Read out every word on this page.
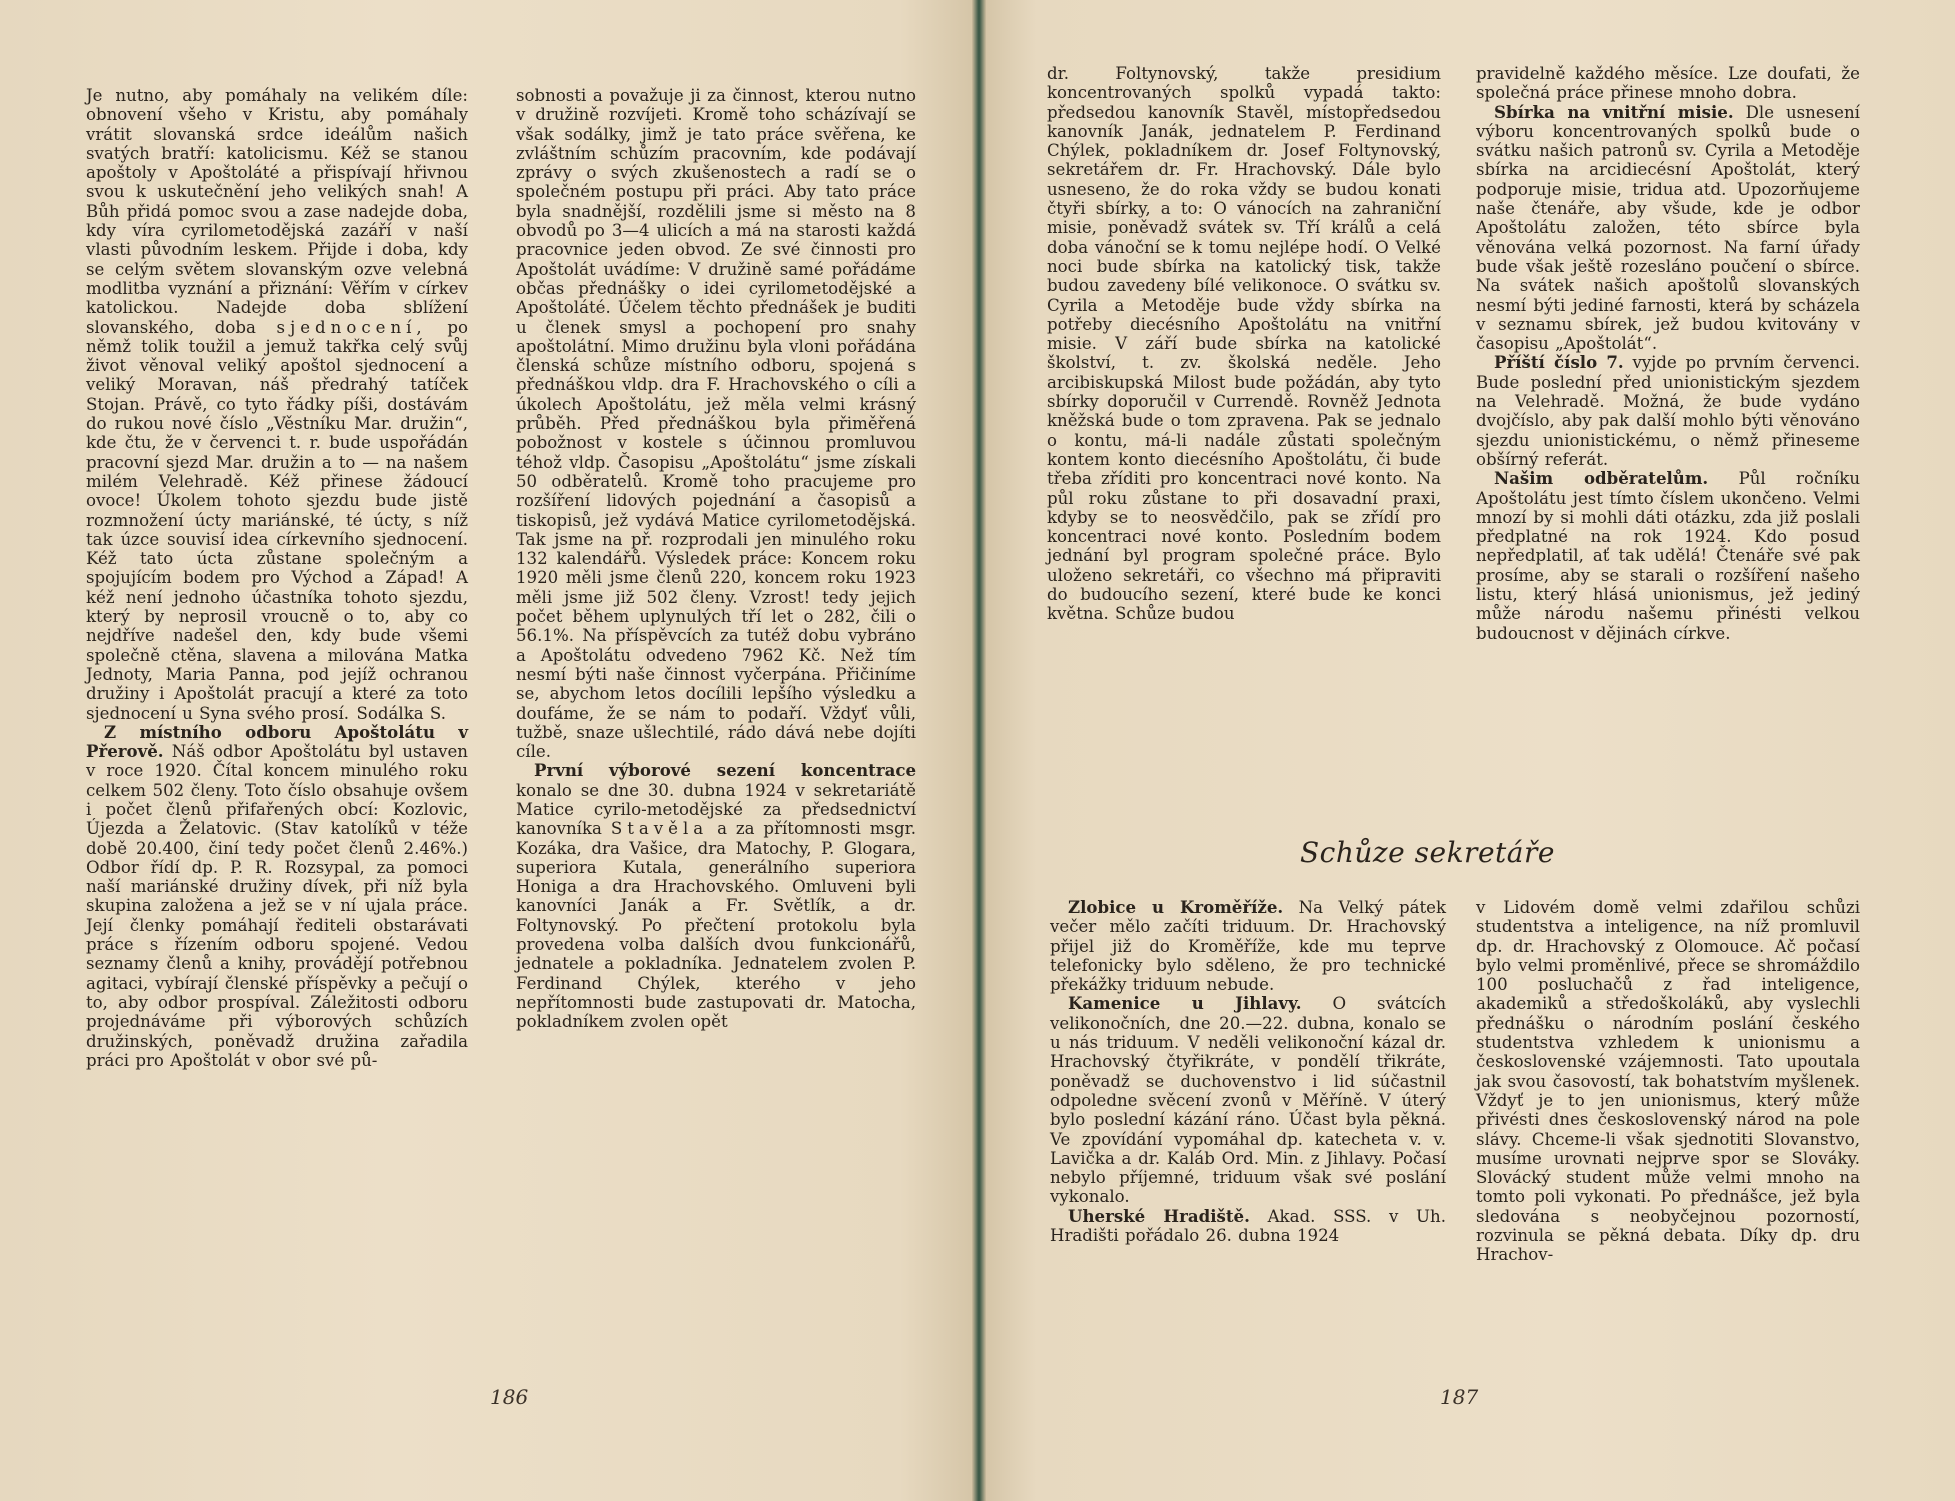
Je nutno, aby pomáhaly na velikém díle: obnovení všeho v Kristu, aby pomáhaly vrátit slovanská srdce ideálům našich svatých bratří: katolicismu. Kéž se stanou apoštoly v Apoštoláté a přispívají hřivnou svou k uskutečnění jeho velikých snah! A Bůh přidá pomoc svou a zase nadejde doba, kdy víra cyrilometodějská zazáří v naší vlasti původním leskem. Přijde i doba, kdy se celým světem slovanským ozve velebná modlitba vyznání a přiznání: Věřím v církev katolickou. Nadejde doba sblížení slovanského, doba sjednocení, po němž tolik toužil a jemuž takřka celý svůj život věnoval veliký apoštol sjednocení a veliký Moravan, náš předrahý tatíček Stojan. Právě, co tyto řádky píši, dostávám do rukou nové číslo „Věstníku Mar. družin“, kde čtu, že v červenci t. r. bude uspořádán pracovní sjezd Mar. družin a to — na našem milém Velehradě. Kéž přinese žádoucí ovoce! Úkolem tohoto sjezdu bude jistě rozmnožení úcty mariánské, té úcty, s níž tak úzce souvisí idea církevního sjednocení. Kéž tato úcta zůstane společným a spojujícím bodem pro Východ a Západ! A kéž není jednoho účastníka tohoto sjezdu, který by neprosil vroucně o to, aby co nejdříve nadešel den, kdy bude všemi společně ctěna, slavena a milována Matka Jednoty, Maria Panna, pod jejíž ochranou družiny i Apoštolát pracují a které za toto sjednocení u Syna svého prosí. Sodálka S.

Z místního odboru Apoštolátu v Přerově. Náš odbor Apoštolátu byl ustaven v roce 1920. Čítal koncem minulého roku celkem 502 členy. Toto číslo obsahuje ovšem i počet členů přifařených obcí: Kozlovic, Újezda a Želatovic. (Stav katolíků v téže době 20.400, činí tedy počet členů 2.46%.) Odbor řídí dp. P. R. Rozsypal, za pomoci naší mariánské družiny dívek, při níž byla skupina založena a jež se v ní ujala práce. Její členky pomáhají řediteli obstarávati práce s řízením odboru spojené. Vedou seznamy členů a knihy, provádějí potřebnou agitaci, vybírají členské příspěvky a pečují o to, aby odbor prospíval. Záležitosti odboru projednáváme při výborových schůzích družinských, poněvadž družina zařadila práci pro Apoštolát v obor své pů-

sobnosti a považuje ji za činnost, kterou nutno v družině rozvíjeti. Kromě toho scházívají se však sodálky, jimž je tato práce svěřena, ke zvláštním schůzím pracovním, kde podávají zprávy o svých zkušenostech a radí se o společném postupu při práci. Aby tato práce byla snadnější, rozdělili jsme si město na 8 obvodů po 3—4 ulicích a má na starosti každá pracovnice jeden obvod. Ze své činnosti pro Apoštolát uvádíme: V družině samé pořádáme občas přednášky o idei cyrilometodějské a Apoštoláté. Účelem těchto přednášek je buditi u členek smysl a pochopení pro snahy apoštolátní. Mimo družinu byla vloni pořádána členská schůze místního odboru, spojená s přednáškou vldp. dra F. Hrachovského o cíli a úkolech Apoštolátu, jež měla velmi krásný průběh. Před přednáškou byla přiměřená pobožnost v kostele s účinnou promluvou téhož vldp. Časopisu „Apoštolátu“ jsme získali 50 odběratelů. Kromě toho pracujeme pro rozšíření lidových pojednání a časopisů a tiskopisů, jež vydává Matice cyrilometodějská. Tak jsme na př. rozprodali jen minulého roku 132 kalendářů. Výsledek práce: Koncem roku 1920 měli jsme členů 220, koncem roku 1923 měli jsme již 502 členy. Vzrost! tedy jejich počet během uplynulých tří let o 282, čili o 56.1%. Na příspěvcích za tutéž dobu vybráno a Apoštolátu odvedeno 7962 Kč. Než tím nesmí býti naše činnost vyčerpána. Přičiníme se, abychom letos docílili lepšího výsledku a doufáme, že se nám to podaří. Vždyť vůli, tužbě, snaze ušlechtilé, rádo dává nebe dojíti cíle.

První výborové sezení koncentrace konalo se dne 30. dubna 1924 v sekretariátě Matice cyrilo-metodějské za předsednictví kanovníka Stavěla a za přítomnosti msgr. Kozáka, dra Vašice, dra Matochy, P. Glogara, superiora Kutala, generálního superiora Honiga a dra Hrachovského. Omluveni byli kanovníci Janák a Fr. Světlík, a dr. Foltynovský. Po přečtení protokolu byla provedena volba dalších dvou funkcionářů, jednatele a pokladníka. Jednatelem zvolen P. Ferdinand Chýlek, kterého v jeho nepřítomnosti bude zastupovati dr. Matocha, pokladníkem zvolen opět

186

dr. Foltynovský, takže presidium koncentrovaných spolků vypadá takto: předsedou kanovník Stavěl, místopředsedou kanovník Janák, jednatelem P. Ferdinand Chýlek, pokladníkem dr. Josef Foltynovský, sekretářem dr. Fr. Hrachovský. Dále bylo usneseno, že do roka vždy se budou konati čtyři sbírky, a to: O vánocích na zahraniční misie, poněvadž svátek sv. Tří králů a celá doba vánoční se k tomu nejlépe hodí. O Velké noci bude sbírka na katolický tisk, takže budou zavedeny bílé velikonoce. O svátku sv. Cyrila a Metoděje bude vždy sbírka na potřeby diecésního Apoštolátu na vnitřní misie. V září bude sbírka na katolické školství, t. zv. školská neděle. Jeho arcibiskupská Milost bude požádán, aby tyto sbírky doporučil v Currendě. Rovněž Jednota kněžská bude o tom zpravena. Pak se jednalo o kontu, má-li nadále zůstati společným kontem konto diecésního Apoštolátu, či bude třeba zříditi pro koncentraci nové konto. Na půl roku zůstane to při dosavadní praxi, kdyby se to neosvědčilo, pak se zřídí pro koncentraci nové konto. Posledním bodem jednání byl program společné práce. Bylo uloženo sekretáři, co všechno má připraviti do budoucího sezení, které bude ke konci května. Schůze budou

pravidelně každého měsíce. Lze doufati, že společná práce přinese mnoho dobra.

Sbírka na vnitřní misie. Dle usnesení výboru koncentrovaných spolků bude o svátku našich patronů sv. Cyrila a Metoděje sbírka na arcidiecésní Apoštolát, který podporuje misie, tridua atd. Upozorňujeme naše čtenáře, aby všude, kde je odbor Apoštolátu založen, této sbírce byla věnována velká pozornost. Na farní úřady bude však ještě rozesláno poučení o sbírce. Na svátek našich apoštolů slovanských nesmí býti jediné farnosti, která by scházela v seznamu sbírek, jež budou kvitovány v časopisu „Apoštolát“.

Příští číslo 7. vyjde po prvním červenci. Bude poslední před unionistickým sjezdem na Velehradě. Možná, že bude vydáno dvojčíslo, aby pak další mohlo býti věnováno sjezdu unionistickému, o němž přineseme obšírný referát.

Našim odběratelům. Půl ročníku Apoštolátu jest tímto číslem ukončeno. Velmi mnozí by si mohli dáti otázku, zda již poslali předplatné na rok 1924. Kdo posud nepředplatil, ať tak udělá! Čtenáře své pak prosíme, aby se starali o rozšíření našeho listu, který hlásá unionismus, jež jediný může národu našemu přinésti velkou budoucnost v dějinách církve.

Schůze sekretáře

Zlobice u Kroměříže. Na Velký pátek večer mělo začíti triduum. Dr. Hrachovský přijel již do Kroměříže, kde mu teprve telefonicky bylo sděleno, že pro technické překážky triduum nebude.

Kamenice u Jihlavy. O svátcích velikonočních, dne 20.—22. dubna, konalo se u nás triduum. V neděli velikonoční kázal dr. Hrachovský čtyřikráte, v pondělí třikráte, poněvadž se duchovenstvo i lid súčastnil odpoledne svěcení zvonů v Měříně. V úterý bylo poslední kázání ráno. Účast byla pěkná. Ve zpovídání vypomáhal dp. katecheta v. v. Lavička a dr. Kaláb Ord. Min. z Jihlavy. Počasí nebylo příjemné, triduum však své poslání vykonalo.

Uherské Hradiště. Akad. SSS. v Uh. Hradišti pořádalo 26. dubna 1924

v Lidovém domě velmi zdařilou schůzi studentstva a inteligence, na níž promluvil dp. dr. Hrachovský z Olomouce. Ač počasí bylo velmi proměnlivé, přece se shromáždilo 100 posluchačů z řad inteligence, akademiků a středoškoláků, aby vyslechli přednášku o národním poslání českého studentstva vzhledem k unionismu a československé vzájemnosti. Tato upoutala jak svou časovostí, tak bohatstvím myšlenek. Vždyť je to jen unionismus, který může přivésti dnes československý národ na pole slávy. Chceme-li však sjednotiti Slovanstvo, musíme urovnati nejprve spor se Slováky. Slovácký student může velmi mnoho na tomto poli vykonati. Po přednášce, jež byla sledována s neobyčejnou pozorností, rozvinula se pěkná debata. Díky dp. dru Hrachov-

187
